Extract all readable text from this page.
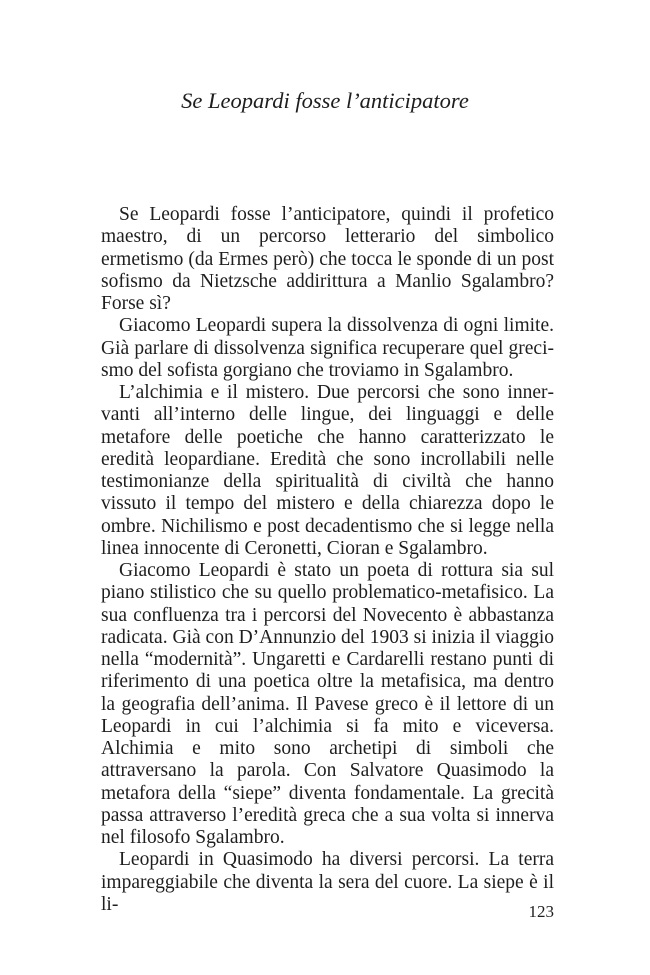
Se Leopardi fosse l’anticipatore

Se Leopardi fosse l’anticipatore, quindi il profetico maestro, di un percorso letterario del simbolico ermetismo (da Ermes però) che tocca le sponde di un post sofismo da Nietzsche addirittura a Manlio Sgalambro? Forse sì?

Giacomo Leopardi supera la dissolvenza di ogni limite. Già parlare di dissolvenza significa recuperare quel grecismo del sofista gorgiano che troviamo in Sgalambro.

L’alchimia e il mistero. Due percorsi che sono innervanti all’interno delle lingue, dei linguaggi e delle metafore delle poetiche che hanno caratterizzato le eredità leopardiane. Eredità che sono incrollabili nelle testimonianze della spiritualità di civiltà che hanno vissuto il tempo del mistero e della chiarezza dopo le ombre. Nichilismo e post decadentismo che si legge nella linea innocente di Ceronetti, Cioran e Sgalambro.

Giacomo Leopardi è stato un poeta di rottura sia sul piano stilistico che su quello problematico-metafisico. La sua confluenza tra i percorsi del Novecento è abbastanza radicata. Già con D’Annunzio del 1903 si inizia il viaggio nella “modernità”. Ungaretti e Cardarelli restano punti di riferimento di una poetica oltre la metafisica, ma dentro la geografia dell’anima. Il Pavese greco è il lettore di un Leopardi in cui l’alchimia si fa mito e viceversa. Alchimia e mito sono archetipi di simboli che attraversano la parola. Con Salvatore Quasimodo la metafora della “siepe” diventa fondamentale. La grecità passa attraverso l’eredità greca che a sua volta si innerva nel filosofo Sgalambro.

Leopardi in Quasimodo ha diversi percorsi. La terra impareggiabile che diventa la sera del cuore. La siepe è il li-	123
